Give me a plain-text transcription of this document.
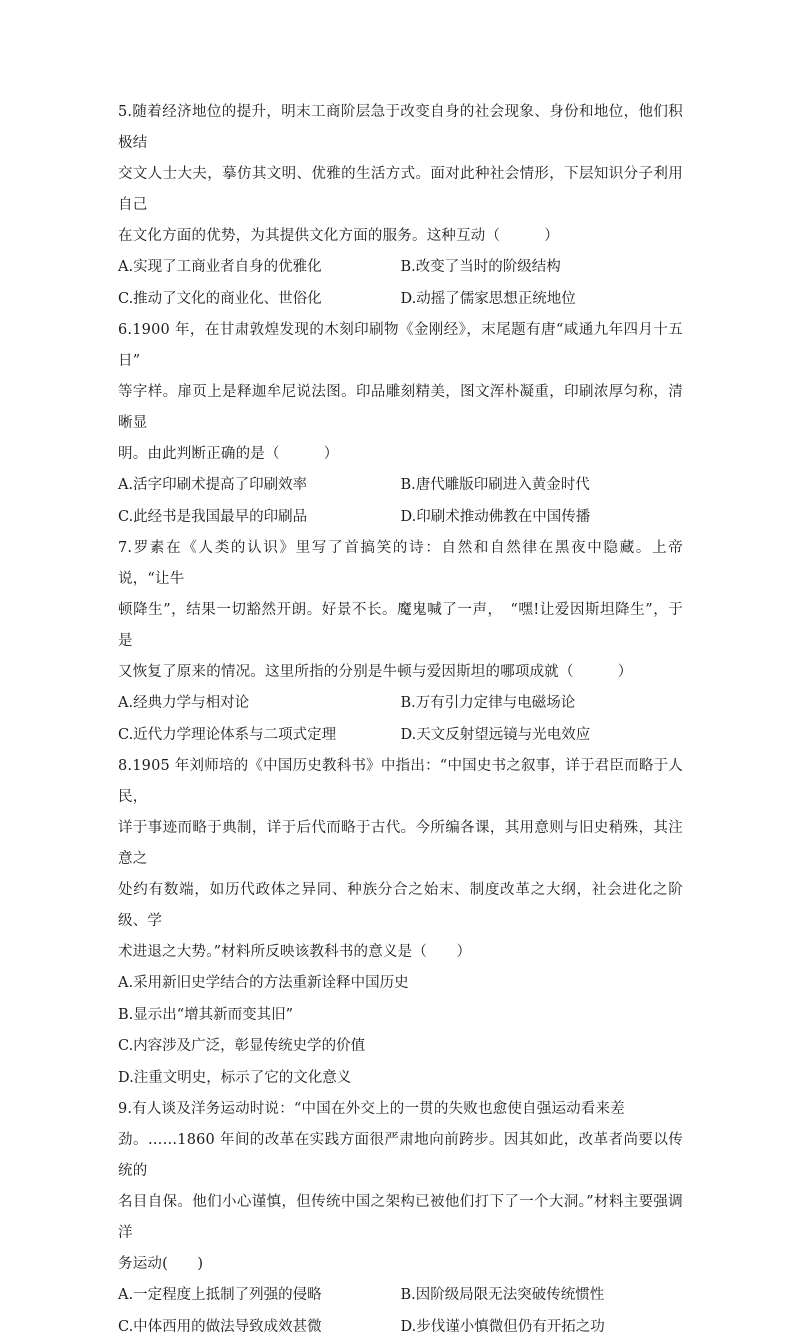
5.随着经济地位的提升，明末工商阶层急于改变自身的社会现象、身份和地位，他们积极结
交文人士大夫，摹仿其文明、优雅的生活方式。面对此种社会情形，下层知识分子利用自己
在文化方面的优势，为其提供文化方面的服务。这种互动（　　　）

A.实现了工商业者自身的优雅化	B.改变了当时的阶级结构
C.推动了文化的商业化、世俗化	D.动摇了儒家思想正统地位

6.1900 年，在甘肃敦煌发现的木刻印刷物《金刚经》，末尾题有唐“咸通九年四月十五日”
等字样。扉页上是释迦牟尼说法图。印品雕刻精美，图文浑朴凝重，印刷浓厚匀称，清晰显
明。由此判断正确的是（　　　）

A.活字印刷术提高了印刷效率	B.唐代雕版印刷进入黄金时代
C.此经书是我国最早的印刷品	D.印刷术推动佛教在中国传播

7.罗素在《人类的认识》里写了首搞笑的诗：自然和自然律在黑夜中隐藏。上帝说，“让牛
顿降生”，结果一切豁然开朗。好景不长。魔鬼喊了一声，　“嘿!让爱因斯坦降生”，于是
又恢复了原来的情况。这里所指的分别是牛顿与爱因斯坦的哪项成就（　　　）

A.经典力学与相对论	B.万有引力定律与电磁场论
C.近代力学理论体系与二项式定理	D.天文反射望远镜与光电效应

8.1905 年刘师培的《中国历史教科书》中指出：“中国史书之叙事，详于君臣而略于人民，
详于事迹而略于典制，详于后代而略于古代。今所编各课，其用意则与旧史稍殊，其注意之
处约有数端，如历代政体之异同、种族分合之始末、制度改革之大纲，社会进化之阶级、学
术进退之大势。”材料所反映该教科书的意义是（　　）

A.采用新旧史学结合的方法重新诠释中国历史
B.显示出“增其新而变其旧”
C.内容涉及广泛，彰显传统史学的价值
D.注重文明史，标示了它的文化意义

9.有人谈及洋务运动时说：“中国在外交上的一贯的失败也愈使自强运动看来差
劲。……1860 年间的改革在实践方面很严肃地向前跨步。因其如此，改革者尚要以传统的
名目自保。他们小心谨慎，但传统中国之架构已被他们打下了一个大洞。”材料主要强调洋
务运动(　　)

A.一定程度上抵制了列强的侵略	B.因阶级局限无法突破传统惯性
C.中体西用的做法导致成效甚微	D.步伐谨小慎微但仍有开拓之功
